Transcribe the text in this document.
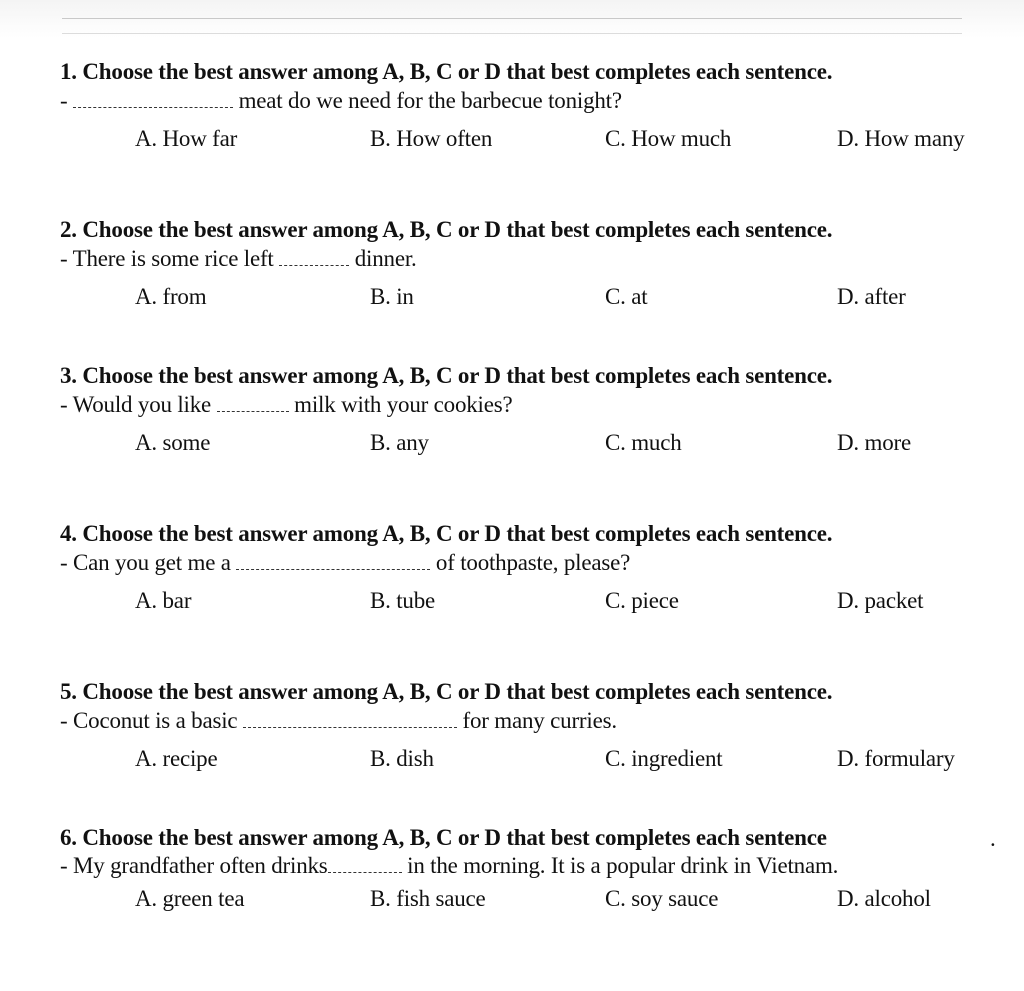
1. Choose the best answer among A, B, C or D that best completes each sentence.
-	meat do we need for the barbecue tonight?
A. How far	B. How often	C. How much	D. How many
2. Choose the best answer among A, B, C or D that best completes each sentence.
- There is some rice left	dinner.
A. from	B. in	C. at	D. after
3. Choose the best answer among A, B, C or D that best completes each sentence.
- Would you like	milk with your cookies?
A. some	B. any	C. much	D. more
4. Choose the best answer among A, B, C or D that best completes each sentence.
- Can you get me a	of toothpaste, please?
A. bar	B. tube	C. piece	D. packet
5. Choose the best answer among A, B, C or D that best completes each sentence.
- Coconut is a basic	for many curries.
A. recipe	B. dish	C. ingredient	D. formulary
6. Choose the best answer among A, B, C or D that best completes each sentence
- My grandfather often drinks	in the morning. It is a popular drink in Vietnam.
A. green tea	B. fish sauce	C. soy sauce	D. alcohol
.
